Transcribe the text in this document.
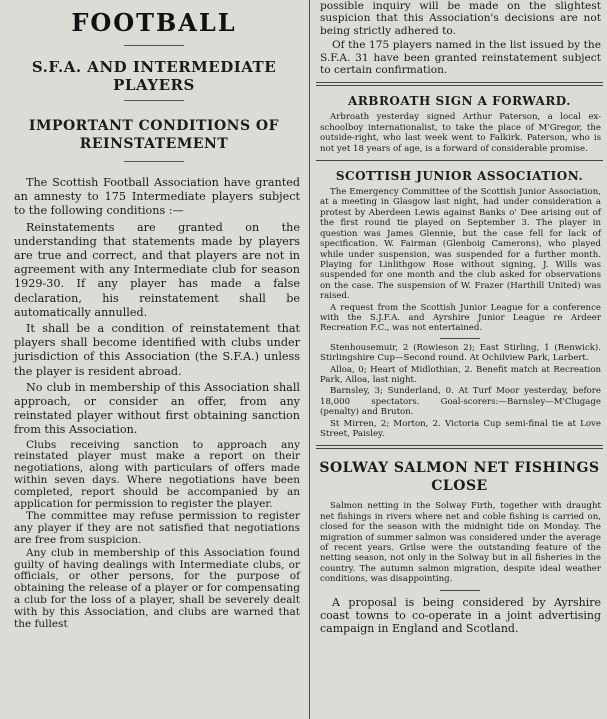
FOOTBALL
S.F.A. AND INTERMEDIATE PLAYERS
IMPORTANT CONDITIONS OF REINSTATEMENT

The Scottish Football Association have granted an amnesty to 175 Intermediate players subject to the following conditions :—

Reinstatements are granted on the understanding that statements made by players are true and correct, and that players are not in agreement with any Intermediate club for season 1929-30. If any player has made a false declaration, his reinstatement shall be automatically annulled.

It shall be a condition of reinstatement that players shall become identified with clubs under jurisdiction of this Association (the S.F.A.) unless the player is resident abroad.

No club in membership of this Association shall approach, or consider an offer, from any reinstated player without first obtaining sanction from this Association.

Clubs receiving sanction to approach any reinstated player must make a report on their negotiations, along with particulars of offers made within seven days. Where negotiations have been completed, report should be accompanied by an application for permission to register the player.

The committee may refuse permission to register any player if they are not satisfied that negotiations are free from suspicion.

Any club in membership of this Association found guilty of having dealings with Intermediate clubs, or officials, or other persons, for the purpose of obtaining the release of a player or for compensating a club for the loss of a player, shall be severely dealt with by this Association, and clubs are warned that the fullest

possible inquiry will be made on the slightest suspicion that this Association's decisions are not being strictly adhered to.

Of the 175 players named in the list issued by the S.F.A. 31 have been granted reinstatement subject to certain confirmation.

ARBROATH SIGN A FORWARD.

Arbroath yesterday signed Arthur Paterson, a local ex-schoolboy internationalist, to take the place of M'Gregor, the outside-right, who last week went to Falkirk. Paterson, who is not yet 18 years of age, is a forward of considerable promise.

SCOTTISH JUNIOR ASSOCIATION.

The Emergency Committee of the Scottish Junior Association, at a meeting in Glasgow last night, had under consideration a protest by Aberdeen Lewis against Banks o' Dee arising out of the first round tie played on September 3. The player in question was James Glennie, but the case fell for lack of specification. W. Fairman (Glenboig Camerons), who played while under suspension, was suspended for a further month. Playing for Linlithgow Rose without signing, J. Wills was suspended for one month and the club asked for observations on the case. The suspension of W. Frazer (Harthill United) was raised.

A request from the Scottish Junior League for a conference with the S.J.F.A. and Ayrshire Junior League re Ardeer Recreation F.C., was not entertained.

Stenhousemuir, 2 (Rowieson 2); East Stirling, 1 (Renwick). Stirlingshire Cup—Second round. At Ochilview Park, Larbert.

Alloa, 0; Heart of Midlothian, 2. Benefit match at Recreation Park, Alloa, last night.

Barnsley, 3; Sunderland, 0. At Turf Moor yesterday, before 18,000 spectators. Goal-scorers:—Barnsley—M'Clugage (penalty) and Bruton.

St Mirren, 2; Morton, 2. Victoria Cup semi-final tie at Love Street, Paisley.

SOLWAY SALMON NET FISHINGS CLOSE

Salmon netting in the Solway Firth, together with draught net fishings in rivers where net and coble fishing is carried on, closed for the season with the midnight tide on Monday. The migration of summer salmon was considered under the average of recent years. Grilse were the outstanding feature of the netting season, not only in the Solway but in all fisheries in the country. The autumn salmon migration, despite ideal weather conditions, was disappointing.

A proposal is being considered by Ayrshire coast towns to co-operate in a joint advertising campaign in England and Scotland.
